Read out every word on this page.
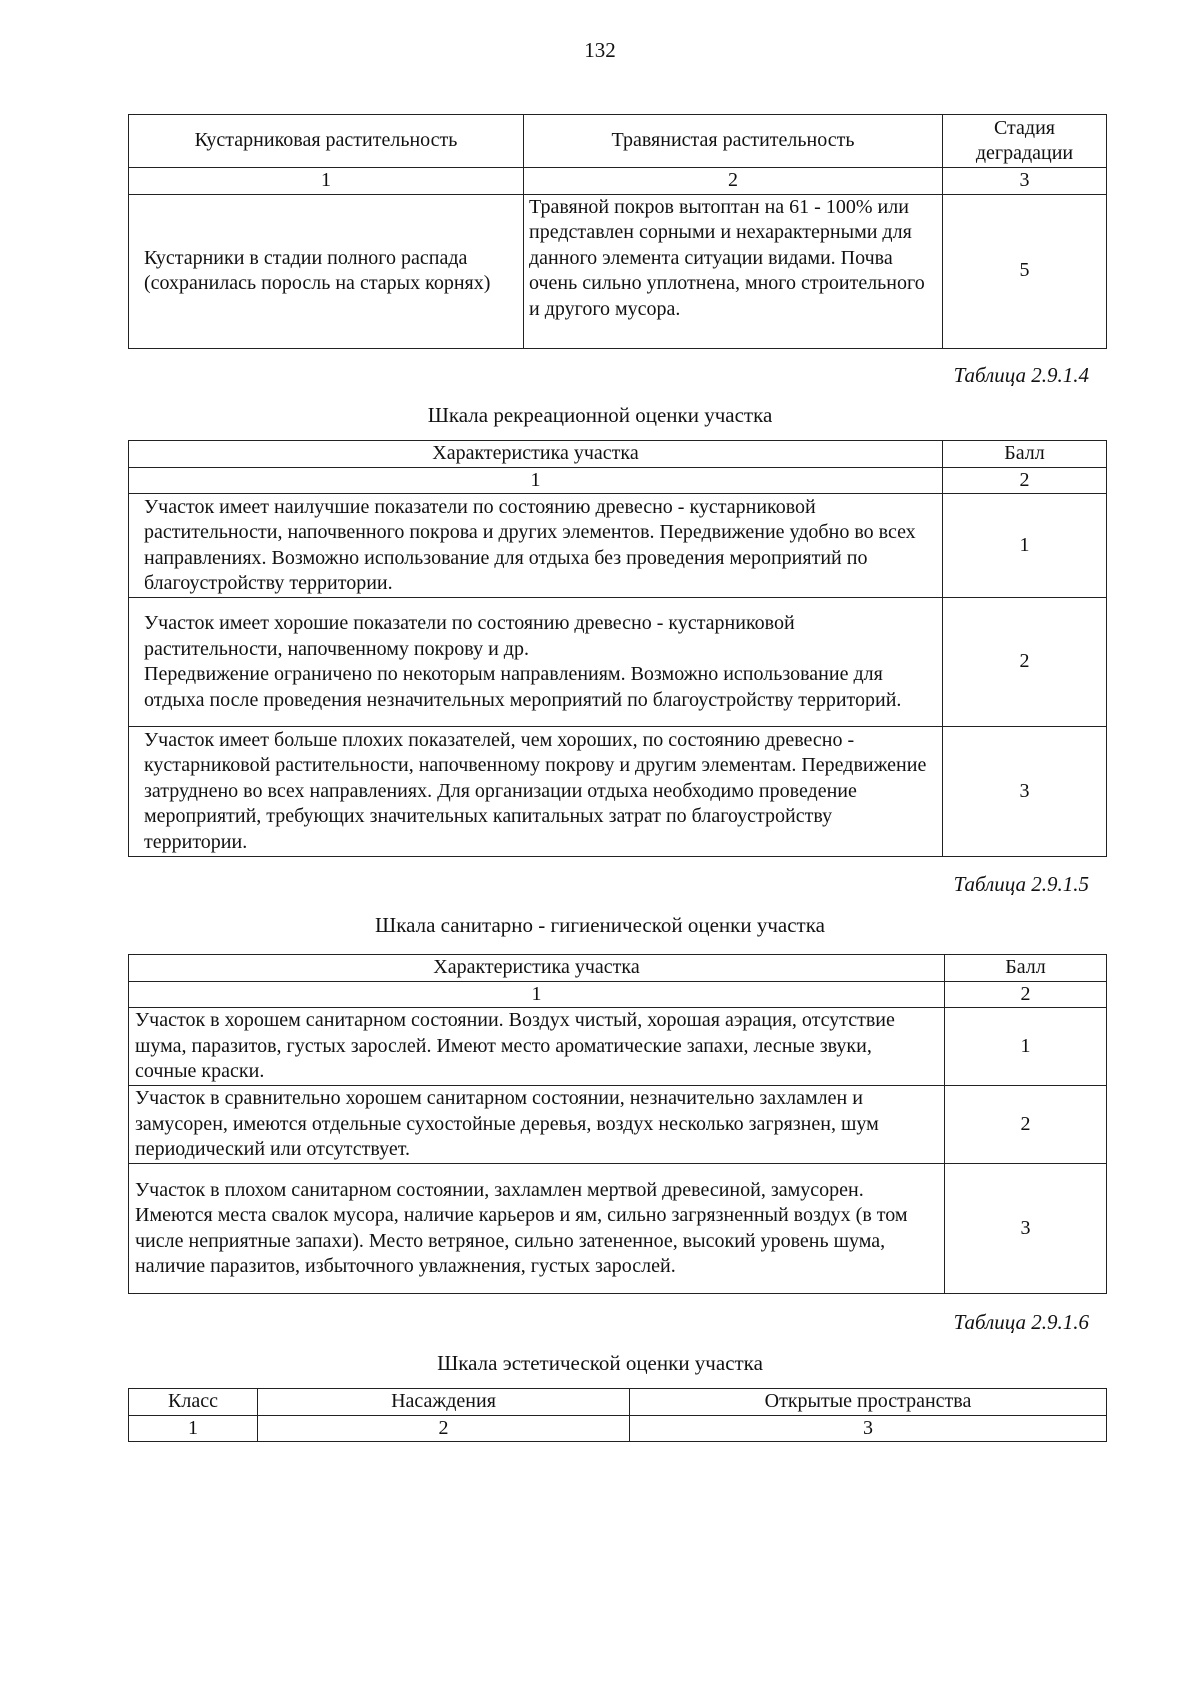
132
Кустарниковая растительность	Травянистая растительность	Стадия деградации
1	2	3
Кустарники в стадии полного распада (сохранилась поросль на старых корнях)	Травяной покров вытоптан на 61 - 100% или представлен сорными и нехарактерными для данного элемента ситуации видами. Почва очень сильно уплотнена, много строительного и другого мусора.	5
Таблица 2.9.1.4
Шкала рекреационной оценки участка
Характеристика участка	Балл
1	2
Участок имеет наилучшие показатели по состоянию древесно - кустарниковой растительности, напочвенного покрова и других элементов. Передвижение удобно во всех направлениях. Возможно использование для отдыха без проведения мероприятий по благоустройству территории.	1
Участок имеет хорошие показатели по состоянию древесно - кустарниковой растительности, напочвенному покрову и др.
Передвижение ограничено по некоторым направлениям. Возможно использование для отдыха после проведения незначительных мероприятий по благоустройству территорий.	2
Участок имеет больше плохих показателей, чем хороших, по состоянию древесно - кустарниковой растительности, напочвенному покрову и другим элементам. Передвижение затруднено во всех направлениях. Для организации отдыха необходимо проведение мероприятий, требующих значительных капитальных затрат по благоустройству территории.	3
Таблица 2.9.1.5
Шкала санитарно - гигиенической оценки участка
Характеристика участка	Балл
1	2
Участок в хорошем санитарном состоянии. Воздух чистый, хорошая аэрация, отсутствие шума, паразитов, густых зарослей. Имеют место ароматические запахи, лесные звуки, сочные краски.	1
Участок в сравнительно хорошем санитарном состоянии, незначительно захламлен и замусорен, имеются отдельные сухостойные деревья, воздух несколько загрязнен, шум периодический или отсутствует.	2
Участок в плохом санитарном состоянии, захламлен мертвой древесиной, замусорен. Имеются места свалок мусора, наличие карьеров и ям, сильно загрязненный воздух (в том числе неприятные запахи). Место ветряное, сильно затененное, высокий уровень шума, наличие паразитов, избыточного увлажнения, густых зарослей.	3
Таблица 2.9.1.6
Шкала эстетической оценки участка
Класс	Насаждения	Открытые пространства
1	2	3
